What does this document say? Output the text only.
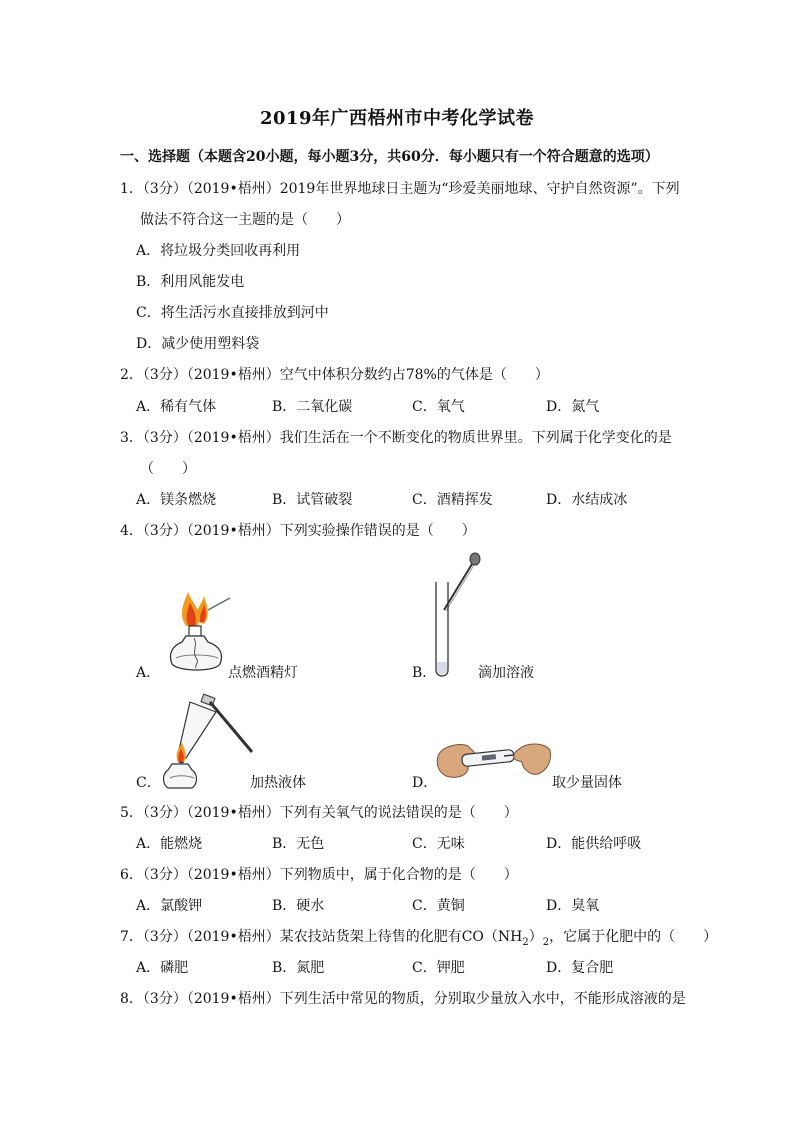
2019年广西梧州市中考化学试卷
一、选择题（本题含20小题，每小题3分，共60分．每小题只有一个符合题意的选项）
1．（3分）（2019•梧州）2019年世界地球日主题为“珍爱美丽地球、守护自然资源”。下列
做法不符合这一主题的是（　　）
A．将垃圾分类回收再利用
B．利用风能发电
C．将生活污水直接排放到河中
D．减少使用塑料袋
2．（3分）（2019•梧州）空气中体积分数约占78%的气体是（　　）
A．稀有气体	B．二氧化碳	C．氧气	D．氮气
3．（3分）（2019•梧州）我们生活在一个不断变化的物质世界里。下列属于化学变化的是
（　　）
A．镁条燃烧	B．试管破裂	C．酒精挥发	D．水结成冰
4．（3分）（2019•梧州）下列实验操作错误的是（　　）
A．	点燃酒精灯	B．	滴加溶液
C．	加热液体	D．	取少量固体
5．（3分）（2019•梧州）下列有关氧气的说法错误的是（　　）
A．能燃烧	B．无色	C．无味	D．能供给呼吸
6．（3分）（2019•梧州）下列物质中，属于化合物的是（　　）
A．氯酸钾	B．硬水	C．黄铜	D．臭氧
7．（3分）（2019•梧州）某农技站货架上待售的化肥有$CO(NH_2)_2$，它属于化肥中的（　　）
A．磷肥	B．氮肥	C．钾肥	D．复合肥
8．（3分）（2019•梧州）下列生活中常见的物质，分别取少量放入水中，不能形成溶液的是
